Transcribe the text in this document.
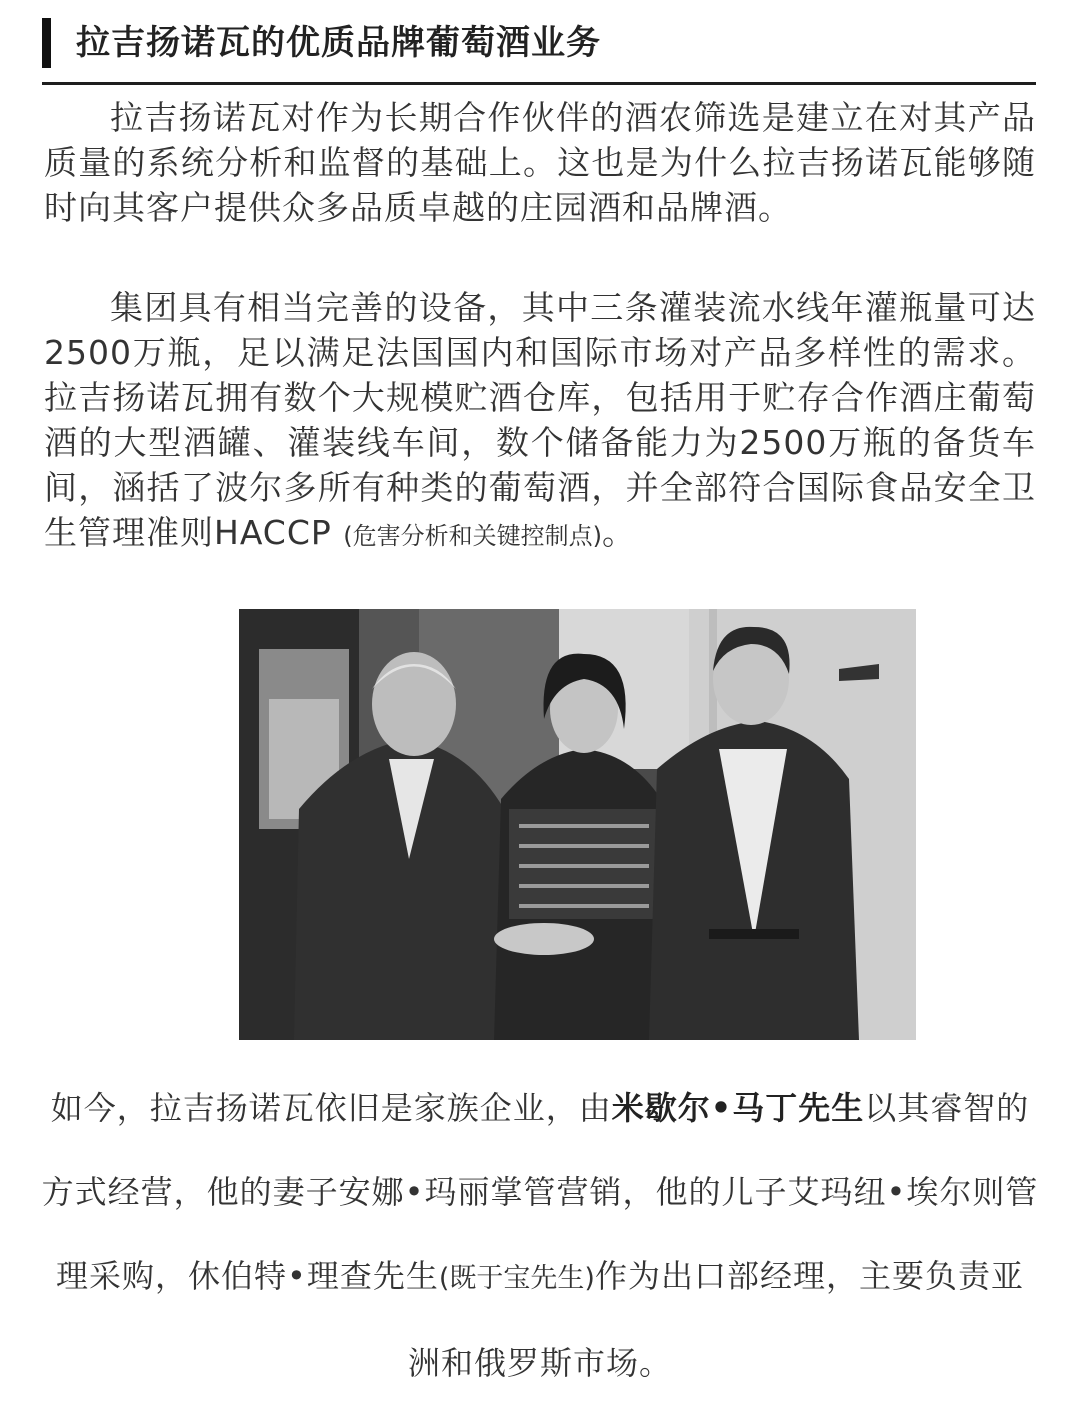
拉吉扬诺瓦的优质品牌葡萄酒业务

拉吉扬诺瓦对作为长期合作伙伴的酒农筛选是建立在对其产品质量的系统分析和监督的基础上。这也是为什么拉吉扬诺瓦能够随时向其客户提供众多品质卓越的庄园酒和品牌酒。

集团具有相当完善的设备，其中三条灌装流水线年灌瓶量可达2500万瓶，足以满足法国国内和国际市场对产品多样性的需求。拉吉扬诺瓦拥有数个大规模贮酒仓库，包括用于贮存合作酒庄葡萄酒的大型酒罐、灌装线车间，数个储备能力为2500万瓶的备货车间，涵括了波尔多所有种类的葡萄酒，并全部符合国际食品安全卫生管理准则HACCP (危害分析和关键控制点)。

如今，拉吉扬诺瓦依旧是家族企业，由米歇尔•马丁先生以其睿智的方式经营，他的妻子安娜•玛丽掌管营销，他的儿子艾玛纽•埃尔则管理采购，休伯特•理查先生(既于宝先生)作为出口部经理，主要负责亚洲和俄罗斯市场。
